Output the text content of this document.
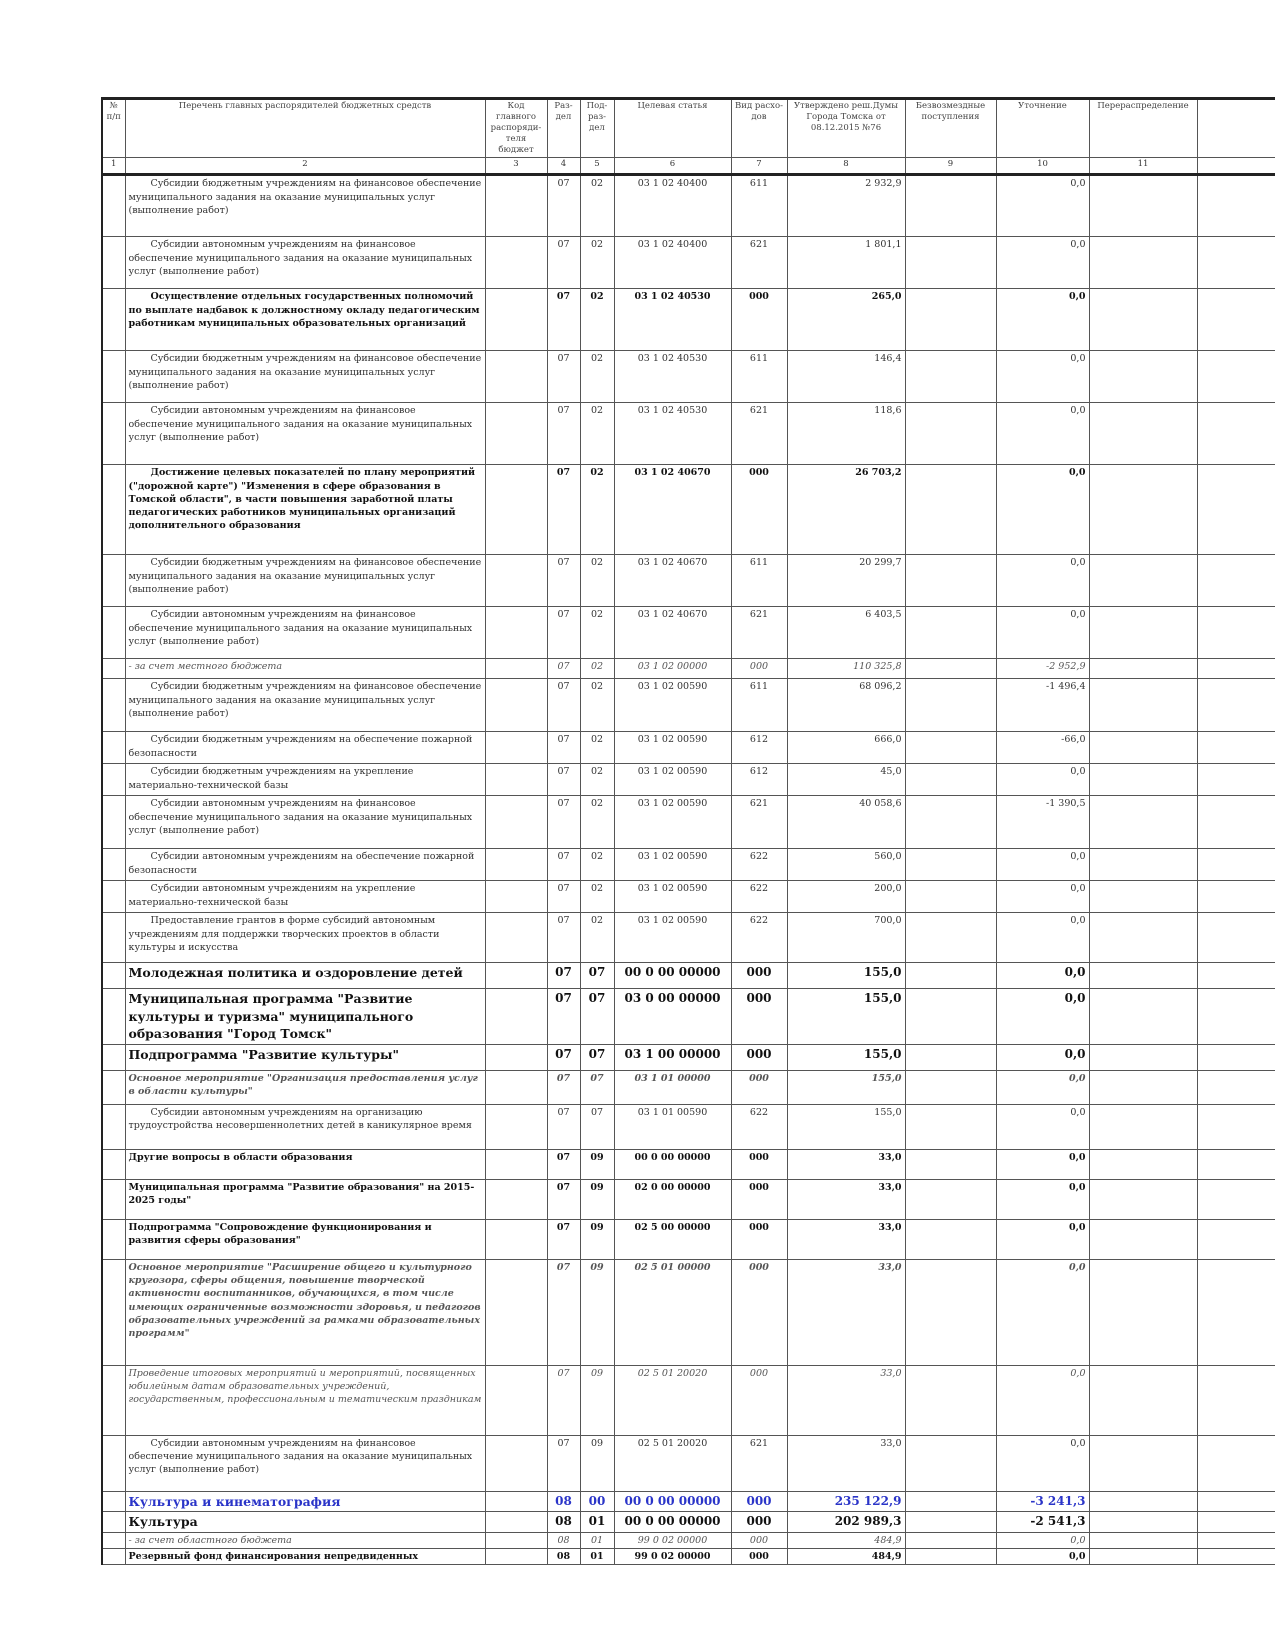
№ п/п	Перечень главных распорядителей бюджетных средств	Код главного распоряди-теля бюджет	Раз-дел	Под-раз-дел	Целевая статья	Вид расхо-дов	Утверждено реш.Думы Города Томска от 08.12.2015 №76	Безвозмездные поступления	Уточнение	Перераспределение	
1	2	3	4	5	6	7	8	9	10	11	
	Субсидии бюджетным учреждениям на финансовое обеспечение муниципального задания на оказание муниципальных услуг (выполнение работ)		07	02	03 1 02 40400	611	2 932,9		0,0		
	Субсидии автономным учреждениям на финансовое обеспечение муниципального задания на оказание муниципальных услуг (выполнение работ)		07	02	03 1 02 40400	621	1 801,1		0,0		
	Осуществление отдельных государственных полномочий по выплате надбавок к должностному окладу педагогическим работникам муниципальных образовательных организаций		07	02	03 1 02 40530	000	265,0		0,0		
	Субсидии бюджетным учреждениям на финансовое обеспечение муниципального задания на оказание муниципальных услуг (выполнение работ)		07	02	03 1 02 40530	611	146,4		0,0		
	Субсидии автономным учреждениям на финансовое обеспечение муниципального задания на оказание муниципальных услуг (выполнение работ)		07	02	03 1 02 40530	621	118,6		0,0		
	Достижение целевых показателей по плану мероприятий ("дорожной карте") "Изменения в сфере образования в Томской области", в части повышения заработной платы педагогических работников муниципальных организаций дополнительного образования		07	02	03 1 02 40670	000	26 703,2		0,0		
	Субсидии бюджетным учреждениям на финансовое обеспечение муниципального задания на оказание муниципальных услуг (выполнение работ)		07	02	03 1 02 40670	611	20 299,7		0,0		
	Субсидии автономным учреждениям на финансовое обеспечение муниципального задания на оказание муниципальных услуг (выполнение работ)		07	02	03 1 02 40670	621	6 403,5		0,0		
	- за счет местного бюджета		07	02	03 1 02 00000	000	110 325,8		-2 952,9		
	Субсидии бюджетным учреждениям на финансовое обеспечение муниципального задания на оказание муниципальных услуг (выполнение работ)		07	02	03 1 02 00590	611	68 096,2		-1 496,4		
	Субсидии бюджетным учреждениям на обеспечение пожарной безопасности		07	02	03 1 02 00590	612	666,0		-66,0		
	Субсидии бюджетным учреждениям на укрепление материально-технической базы		07	02	03 1 02 00590	612	45,0		0,0		
	Субсидии автономным учреждениям на финансовое обеспечение муниципального задания на оказание муниципальных услуг (выполнение работ)		07	02	03 1 02 00590	621	40 058,6		-1 390,5		
	Субсидии автономным учреждениям на обеспечение пожарной безопасности		07	02	03 1 02 00590	622	560,0		0,0		
	Субсидии автономным учреждениям на укрепление материально-технической базы		07	02	03 1 02 00590	622	200,0		0,0		
	Предоставление грантов в форме субсидий автономным учреждениям для поддержки творческих проектов в области культуры и искусства		07	02	03 1 02 00590	622	700,0		0,0		
	Молодежная политика и оздоровление детей		07	07	00 0 00 00000	000	155,0		0,0		
	Муниципальная программа "Развитие культуры и туризма" муниципального образования "Город Томск"		07	07	03 0 00 00000	000	155,0		0,0		
	Подпрограмма "Развитие культуры"		07	07	03 1 00 00000	000	155,0		0,0		
	Основное мероприятие "Организация предоставления услуг в области культуры"		07	07	03 1 01 00000	000	155,0		0,0		
	Субсидии автономным учреждениям на организацию трудоустройства несовершеннолетних детей в каникулярное время		07	07	03 1 01 00590	622	155,0		0,0		
	Другие вопросы в области образования		07	09	00 0 00 00000	000	33,0		0,0		
	Муниципальная программа "Развитие образования" на 2015-2025 годы"		07	09	02 0 00 00000	000	33,0		0,0		
	Подпрограмма "Сопровождение функционирования и развития сферы образования"		07	09	02 5 00 00000	000	33,0		0,0		
	Основное мероприятие "Расширение общего и культурного кругозора, сферы общения, повышение творческой активности воспитанников, обучающихся, в том числе имеющих ограниченные возможности здоровья, и педагогов образовательных учреждений за рамками образовательных программ"		07	09	02 5 01 00000	000	33,0		0,0		
	Проведение итоговых мероприятий и мероприятий, посвященных юбилейным датам образовательных учреждений, государственным, профессиональным и тематическим праздникам		07	09	02 5 01 20020	000	33,0		0,0		
	Субсидии автономным учреждениям на финансовое обеспечение муниципального задания на оказание муниципальных услуг (выполнение работ)		07	09	02 5 01 20020	621	33,0		0,0		
	Культура и кинематография		08	00	00 0 00 00000	000	235 122,9		-3 241,3		
	Культура		08	01	00 0 00 00000	000	202 989,3		-2 541,3		
	- за счет областного бюджета		08	01	99 0 02 00000	000	484,9		0,0		
	Резервный фонд финансирования непредвиденных		08	01	99 0 02 00000	000	484,9		0,0		
